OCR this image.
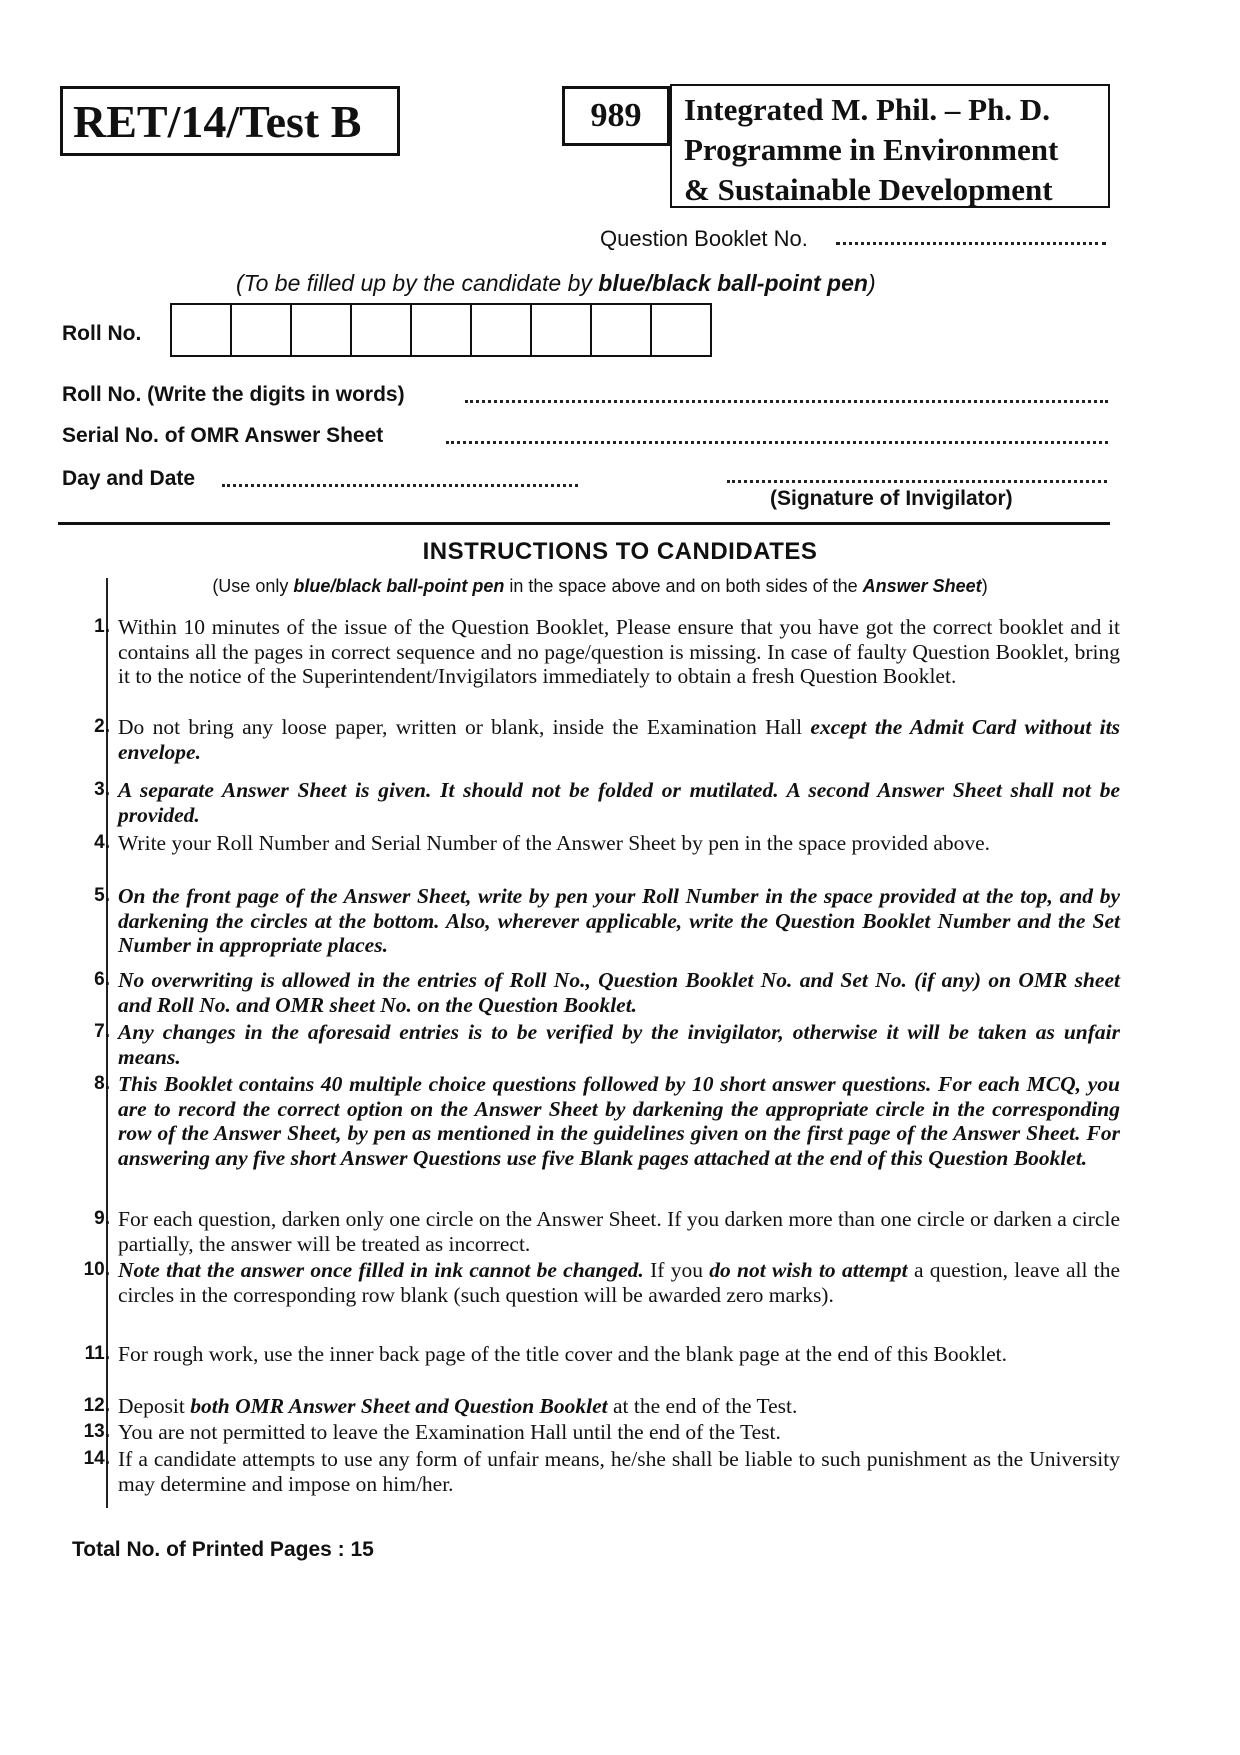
RET/14/Test B	989	Integrated M. Phil. – Ph. D.
Programme in Environment
& Sustainable Development
Question Booklet No.
(To be filled up by the candidate by blue/black ball-point pen)
Roll No.
Roll No. (Write the digits in words)
Serial No. of OMR Answer Sheet
Day and Date
(Signature of Invigilator)
INSTRUCTIONS TO CANDIDATES
(Use only blue/black ball-point pen in the space above and on both sides of the Answer Sheet)
1. Within 10 minutes of the issue of the Question Booklet, Please ensure that you have got the correct booklet and it contains all the pages in correct sequence and no page/question is missing. In case of faulty Question Booklet, bring it to the notice of the Superintendent/Invigilators immediately to obtain a fresh Question Booklet.
2. Do not bring any loose paper, written or blank, inside the Examination Hall except the Admit Card without its envelope.
3. A separate Answer Sheet is given. It should not be folded or mutilated. A second Answer Sheet shall not be provided.
4. Write your Roll Number and Serial Number of the Answer Sheet by pen in the space provided above.
5. On the front page of the Answer Sheet, write by pen your Roll Number in the space provided at the top, and by darkening the circles at the bottom. Also, wherever applicable, write the Question Booklet Number and the Set Number in appropriate places.
6. No overwriting is allowed in the entries of Roll No., Question Booklet No. and Set No. (if any) on OMR sheet and Roll No. and OMR sheet No. on the Question Booklet.
7. Any changes in the aforesaid entries is to be verified by the invigilator, otherwise it will be taken as unfair means.
8. This Booklet contains 40 multiple choice questions followed by 10 short answer questions. For each MCQ, you are to record the correct option on the Answer Sheet by darkening the appropriate circle in the corresponding row of the Answer Sheet, by pen as mentioned in the guidelines given on the first page of the Answer Sheet. For answering any five short Answer Questions use five Blank pages attached at the end of this Question Booklet.
9. For each question, darken only one circle on the Answer Sheet. If you darken more than one circle or darken a circle partially, the answer will be treated as incorrect.
10. Note that the answer once filled in ink cannot be changed. If you do not wish to attempt a question, leave all the circles in the corresponding row blank (such question will be awarded zero marks).
11. For rough work, use the inner back page of the title cover and the blank page at the end of this Booklet.
12. Deposit both OMR Answer Sheet and Question Booklet at the end of the Test.
13. You are not permitted to leave the Examination Hall until the end of the Test.
14. If a candidate attempts to use any form of unfair means, he/she shall be liable to such punishment as the University may determine and impose on him/her.
Total No. of Printed Pages : 15
